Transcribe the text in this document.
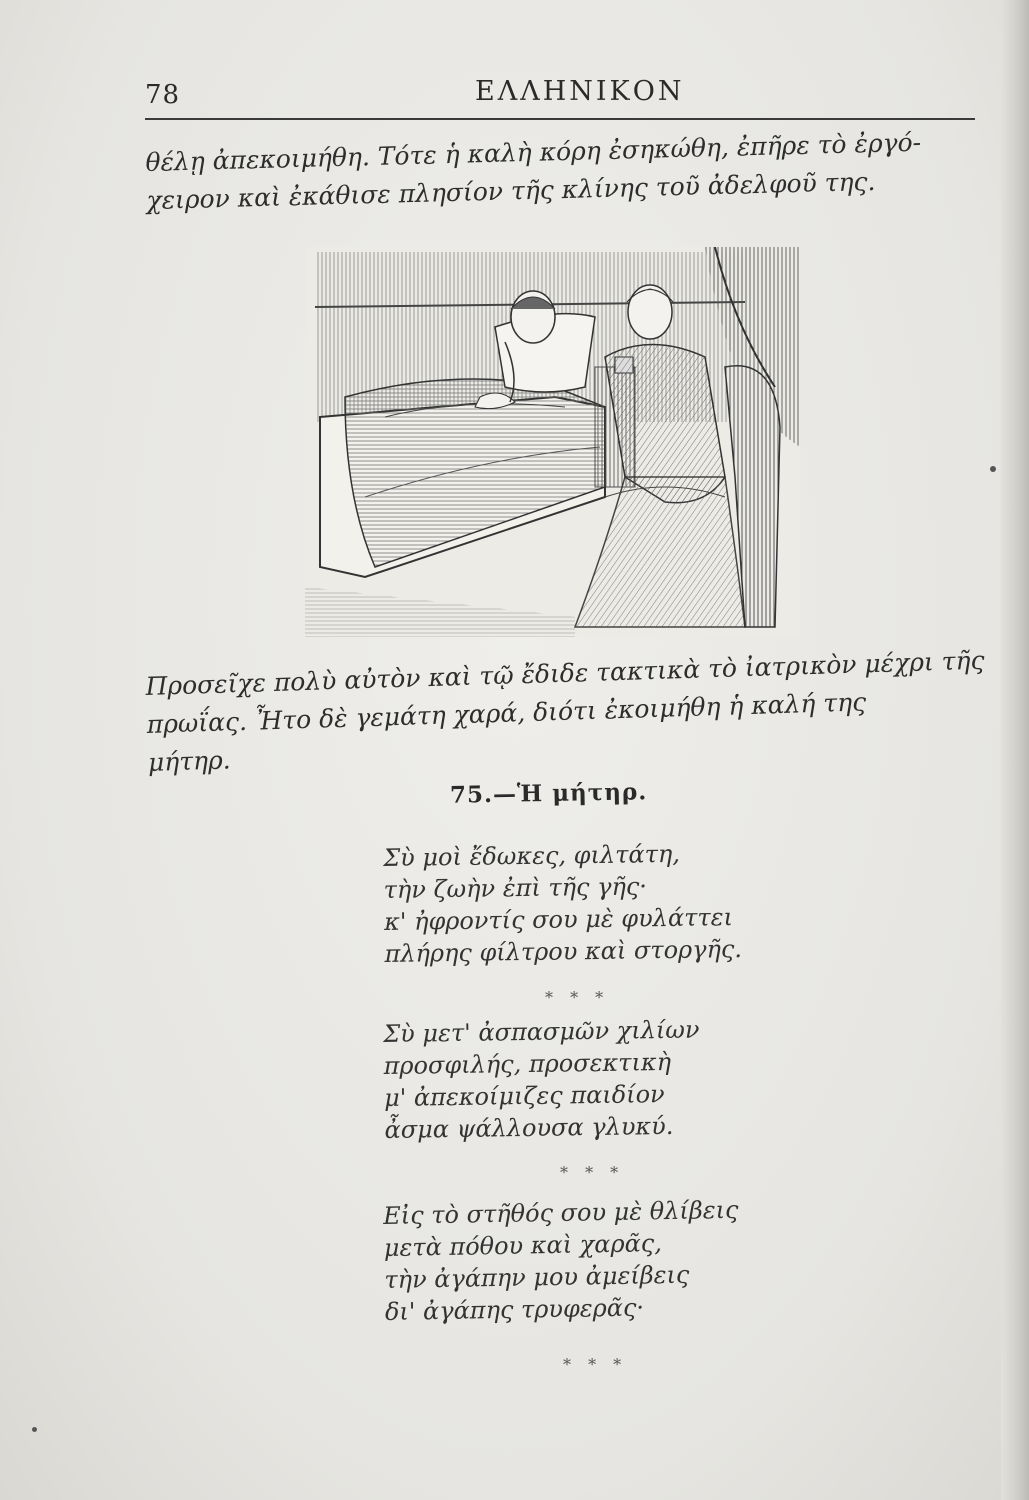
78	ΕΛΛΗΝΙΚΟΝ
θέλῃ ἀπεκοιμήθη. Τότε ἡ καλὴ κόρη ἐσηκώθη, ἐπῆρε τὸ ἐργό-
χειρον καὶ ἐκάθισε πλησίον τῆς κλίνης τοῦ ἀδελφοῦ της.
Προσεῖχε πολὺ αὐτὸν καὶ τῷ ἔδιδε τακτικὰ τὸ ἰατρικὸν μέχρι τῆς
πρωΐας. Ἦτο δὲ γεμάτη χαρά, διότι ἐκοιμήθη ἡ καλή της
μήτηρ.
75.—Ἡ μήτηρ.
Σὺ μοὶ ἔδωκες, φιλτάτη,
τὴν ζωὴν ἐπὶ τῆς γῆς·
κ' ἠφροντίς σου μὲ φυλάττει
πλήρης φίλτρου καὶ στοργῆς.
* * *
Σὺ μετ' ἀσπασμῶν χιλίων
προσφιλής, προσεκτικὴ
μ' ἀπεκοίμιζες παιδίον
ἆσμα ψάλλουσα γλυκύ.
* * *
Εἰς τὸ στῆθός σου μὲ θλίβεις
μετὰ πόθου καὶ χαρᾶς,
τὴν ἀγάπην μου ἀμείβεις
δι' ἀγάπης τρυφερᾶς·
* * *
